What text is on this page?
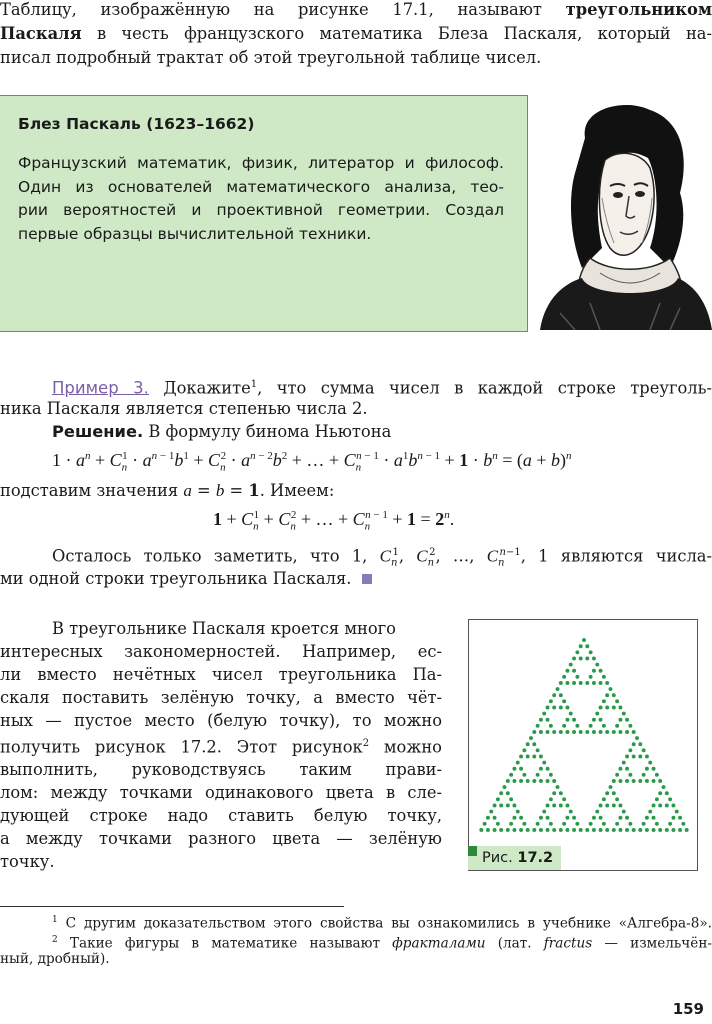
Таблицу, изображённую на рисунке 17.1, называют треугольником
Паскаля в честь французского математика Блеза Паскаля, который на-
писал подробный трактат об этой треугольной таблице чисел.
Блез Паскаль (1623–1662)
Французский математик, физик, литератор и философ.
Один из основателей математического анализа, тео-
рии вероятностей и проективной геометрии. Создал
первые образцы вычислительной техники.
Пример 3. Докажите$^1$, что сумма чисел в каждой строке треуголь-
ника Паскаля является степенью числа 2.
Решение. В формулу бинома Ньютона
$1 \cdot a^n + C_n^1 \cdot a^{n - 1}b^1 + C_n^2 \cdot a^{n - 2}b^2$ + … + $C_n^{n - 1} \cdot a^1b^{n - 1} + 1 \cdot b^n = (a + b)^n$
подставим значения a = b = 1. Имеем:
$1 + C_n^1 + C_n^2$ + … + $C_n^{n - 1} + 1 = 2^n$.
Осталось только заметить, что 1, $C_n^1$, $C_n^2$, …, $C_n^{n-1}$, 1 являются числа-
ми одной строки треугольника Паскаля.
В треугольнике Паскаля кроется много
интересных закономерностей. Например, ес-
ли вместо нечётных чисел треугольника Па-
скаля поставить зелёную точку, а вместо чёт-
ных — пустое место (белую точку), то можно
получить рисунок 17.2. Этот рисунок$^2$ можно
выполнить, руководствуясь таким прави-
лом: между точками одинакового цвета в сле-
дующей строке надо ставить белую точку,
а между точками разного цвета — зелёную
точку.	Рис. 17.2
$^1$ С другим доказательством этого свойства вы ознакомились в учебнике «Алгебра-8».
$^2$ Такие фигуры в математике называют фракталами (лат. fractus — измельчён-
ный, дробный).
159
